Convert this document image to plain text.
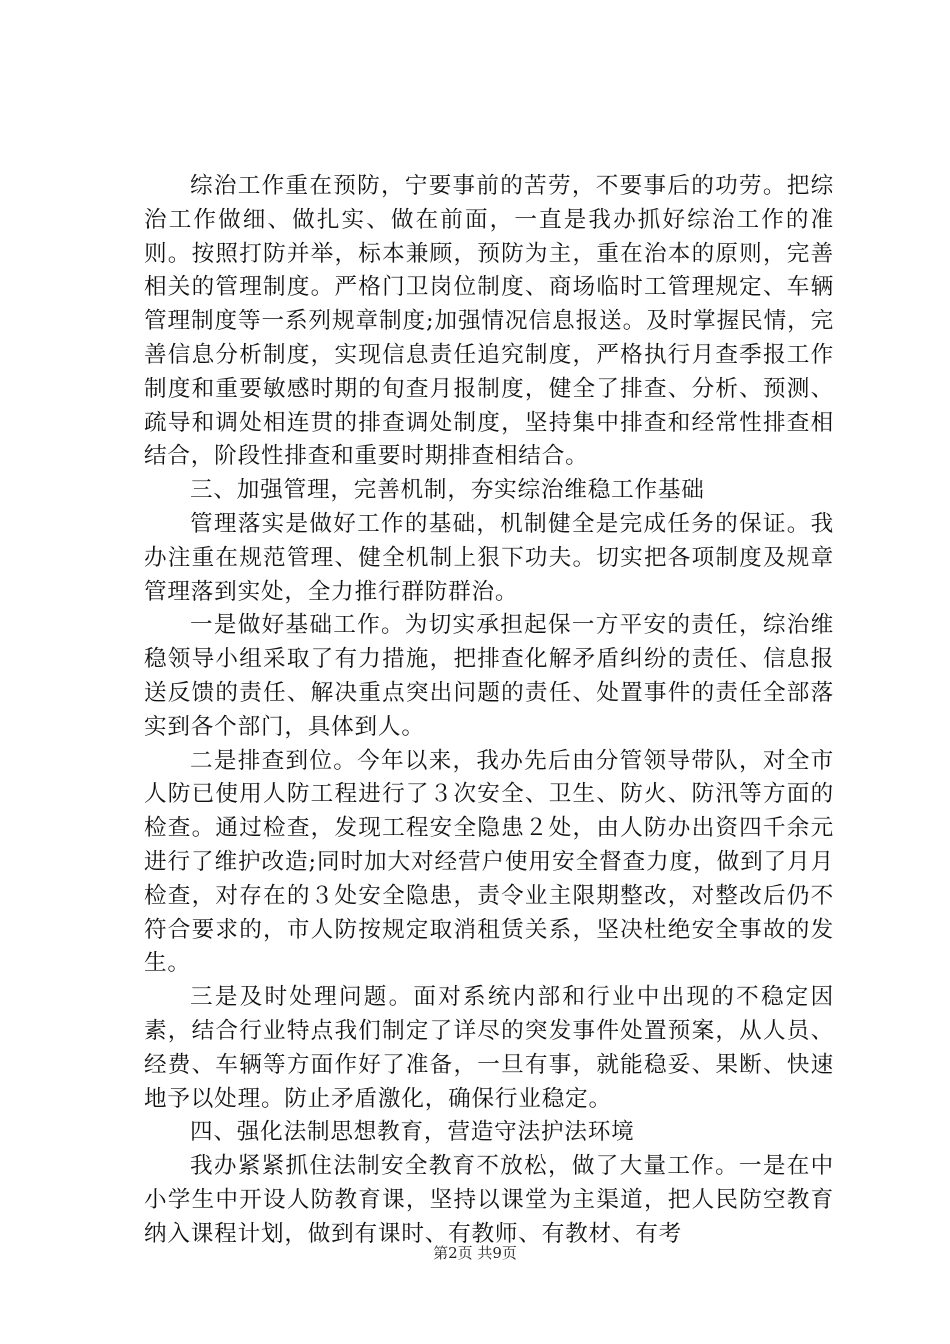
综治工作重在预防，宁要事前的苦劳，不要事后的功劳。把综治工作做细、做扎实、做在前面，一直是我办抓好综治工作的准则。按照打防并举，标本兼顾，预防为主，重在治本的原则，完善相关的管理制度。严格门卫岗位制度、商场临时工管理规定、车辆管理制度等一系列规章制度;加强情况信息报送。及时掌握民情，完善信息分析制度，实现信息责任追究制度，严格执行月查季报工作制度和重要敏感时期的旬查月报制度，健全了排查、分析、预测、疏导和调处相连贯的排查调处制度，坚持集中排查和经常性排查相结合，阶段性排查和重要时期排查相结合。

三、加强管理，完善机制，夯实综治维稳工作基础

管理落实是做好工作的基础，机制健全是完成任务的保证。我办注重在规范管理、健全机制上狠下功夫。切实把各项制度及规章管理落到实处，全力推行群防群治。

一是做好基础工作。为切实承担起保一方平安的责任，综治维稳领导小组采取了有力措施，把排查化解矛盾纠纷的责任、信息报送反馈的责任、解决重点突出问题的责任、处置事件的责任全部落实到各个部门，具体到人。

二是排查到位。今年以来，我办先后由分管领导带队，对全市人防已使用人防工程进行了３次安全、卫生、防火、防汛等方面的检查。通过检查，发现工程安全隐患２处，由人防办出资四千余元进行了维护改造;同时加大对经营户使用安全督查力度，做到了月月检查，对存在的３处安全隐患，责令业主限期整改，对整改后仍不符合要求的，市人防按规定取消租赁关系，坚决杜绝安全事故的发生。

三是及时处理问题。面对系统内部和行业中出现的不稳定因素，结合行业特点我们制定了详尽的突发事件处置预案，从人员、经费、车辆等方面作好了准备，一旦有事，就能稳妥、果断、快速地予以处理。防止矛盾激化，确保行业稳定。

四、强化法制思想教育，营造守法护法环境

我办紧紧抓住法制安全教育不放松，做了大量工作。一是在中小学生中开设人防教育课，坚持以课堂为主渠道，把人民防空教育纳入课程计划，做到有课时、有教师、有教材、有考

第2页 共9页
